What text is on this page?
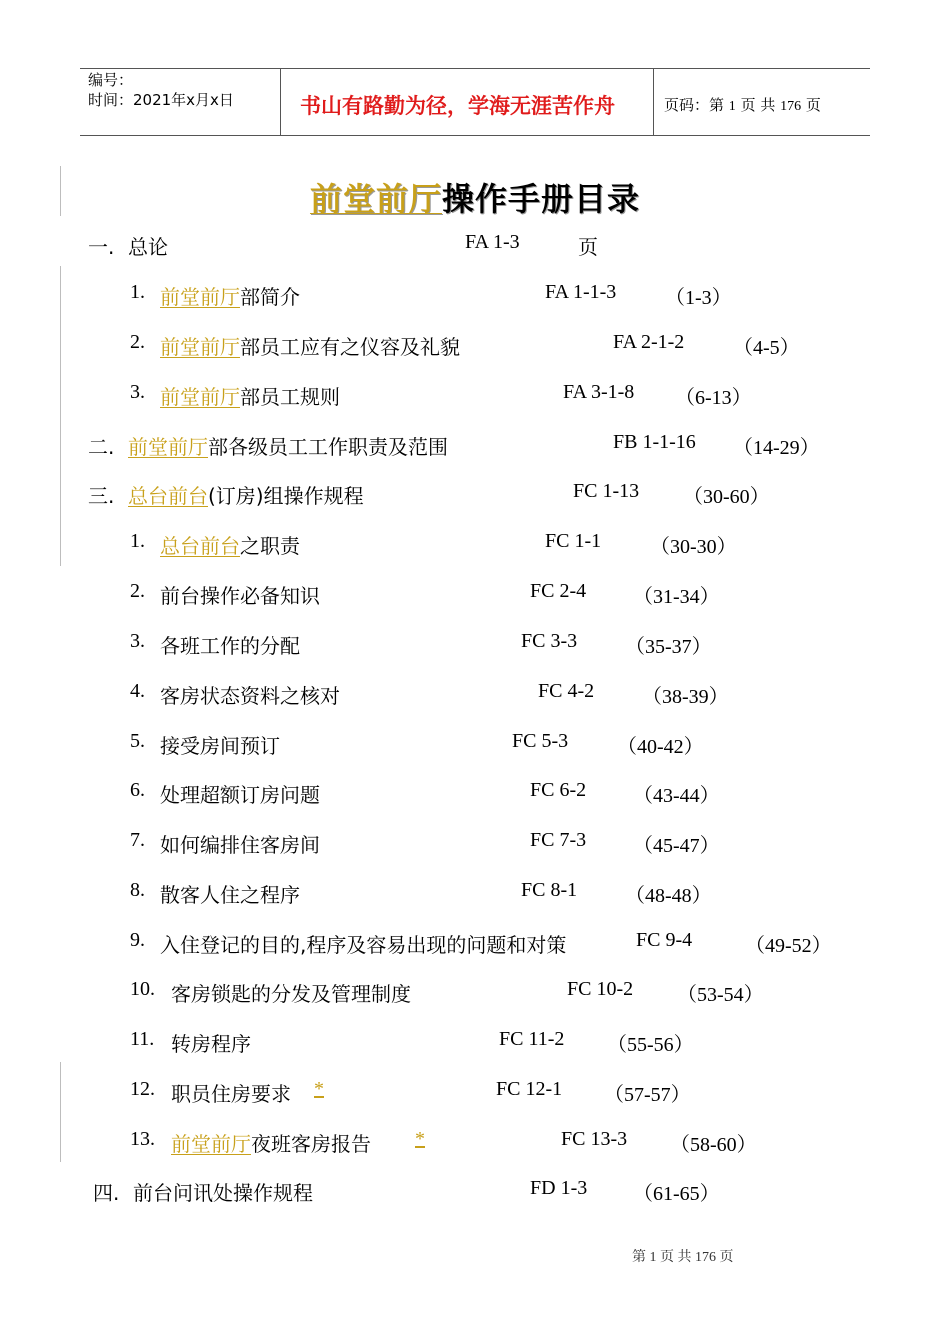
编号：
时间：2021年x月x日	书山有路勤为径，学海无涯苦作舟	页码：第 1 页 共 176 页
前堂前厅操作手册目录
一. 总论	FA 1-3	页
1. 前堂前厅部简介	FA 1-1-3 （1-3）
2. 前堂前厅部员工应有之仪容及礼貌	FA 2-1-2 （4-5）
3. 前堂前厅部员工规则	FA 3-1-8 （6-13）
二. 前堂前厅部各级员工工作职责及范围	FB 1-1-16 （14-29）
三. 总台前台(订房)组操作规程	FC 1-13 （30-60）
1. 总台前台之职责	FC 1-1 （30-30）
2. 前台操作必备知识	FC 2-4 （31-34）
3. 各班工作的分配	FC 3-3 （35-37）
4. 客房状态资料之核对	FC 4-2 （38-39）
5. 接受房间预订	FC 5-3 （40-42）
6. 处理超额订房问题	FC 6-2 （43-44）
7. 如何编排住客房间	FC 7-3 （45-47）
8. 散客人住之程序	FC 8-1 （48-48）
9. 入住登记的目的,程序及容易出现的问题和对策	FC 9-4	（49-52）
10. 客房锁匙的分发及管理制度	FC 10-2 （53-54）
11. 转房程序	FC 11-2 （55-56）
12. 职员住房要求 *	FC 12-1 （57-57）
13. 前堂前厅夜班客房报告 *	FC 13-3 （58-60）
四. 前台问讯处操作规程	FD 1-3 （61-65）
第 1 页 共 176 页
